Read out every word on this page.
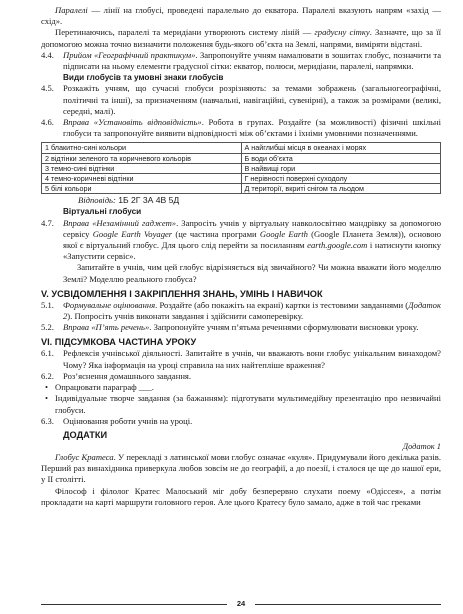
Паралелі — лінії на глобусі, проведені паралельно до екватора. Паралелі вказують напрям «захід — схід».

Перетинаючись, паралелі та меридіани утворюють систему ліній — градусну сітку. Зазначте, що за її допомогою можна точно визначити положення будь-якого об’єкта на Землі, напрями, виміряти відстані.

4.4.	Прийом «Географічний практикум». Запропонуйте учням намалювати в зошитах глобус, позначити та підписати на ньому елементи градусної сітки: екватор, полюси, меридіани, паралелі, напрямки.

Види глобусів та умовні знаки глобусів

4.5.	Розкажіть учням, що сучасні глобуси розрізняють: за темами зображень (загальногеографічні, політичні та інші), за призначенням (навчальні, навігаційні, сувенірні), а також за розмірами (великі, середні, малі).

4.6.	Вправа «Установіть відповідність». Робота в групах. Роздайте (за можливості) фізичні шкільні глобуси та запропонуйте виявити відповідності між об’єктами і їхніми умовними позначеннями.

1 блакитно-сині кольори	А найглибші місця в океанах і морях
2 відтінки зеленого та коричневого кольорів	Б води об’єкта
3 темно-сині відтінки	В найвищі гори
4 темно-коричневі відтінки	Г нерівності поверхні суходолу
5 білі кольори	Д території, вкриті снігом та льодом

Відповідь: 1Б 2Г 3А 4В 5Д

Віртуальні глобуси

4.7.	Вправа «Незамінний гаджет». Запросіть учнів у віртуальну навколосвітню мандрівку за допомогою сервісу Google Earth Voyager (це частина програми Google Earth (Google Планета Земля)), основою якої є віртуальний глобус. Для цього слід перейти за посиланням earth.google.com і натиснути кнопку «Запустити сервіс».

Запитайте в учнів, чим цей глобус відрізняється від звичайного? Чи можна вважати його моделлю Землі? Моделлю реального глобуса?

V. УСВІДОМЛЕННЯ І ЗАКРІПЛЕННЯ ЗНАНЬ, УМІНЬ І НАВИЧОК

5.1.	Формувальне оцінювання. Роздайте (або покажіть на екрані) картки із тестовими завданнями (Додаток 2). Попросіть учнів виконати завдання і здійснити самоперевірку.

5.2.	Вправа «П’ять речень». Запропонуйте учням п’ятьма реченнями сформулювати висновки уроку.

VI. ПІДСУМКОВА ЧАСТИНА УРОКУ

6.1.	Рефлексія учнівської діяльності. Запитайте в учнів, чи вважають вони глобус унікальним винаходом? Чому? Яка інформація на уроці справила на них найтепліше враження?

6.2.	Роз’яснення домашнього завдання.

• Опрацювати параграф ___.
• Індивідуальне творче завдання (за бажанням): підготувати мультимедійну презентацію про незвичайні глобуси.
6.3.	Оцінювання роботи учнів на уроці.

ДОДАТКИ

Додаток 1

Глобус Кратеса. У перекладі з латинської мови глобус означає «куля». Придумували його декілька разів. Перший раз винахідника приверкула любов зовсім не до географії, а до поезії, і сталося це ще до нашої ери, у ІІ столітті.

Філософ і філолог Кратес Малоський міг добу безперервно слухати поему «Одіссея», а потім прокладати на карті маршрути головного героя. Але цього Кратесу було замало, адже в той час греками

24
